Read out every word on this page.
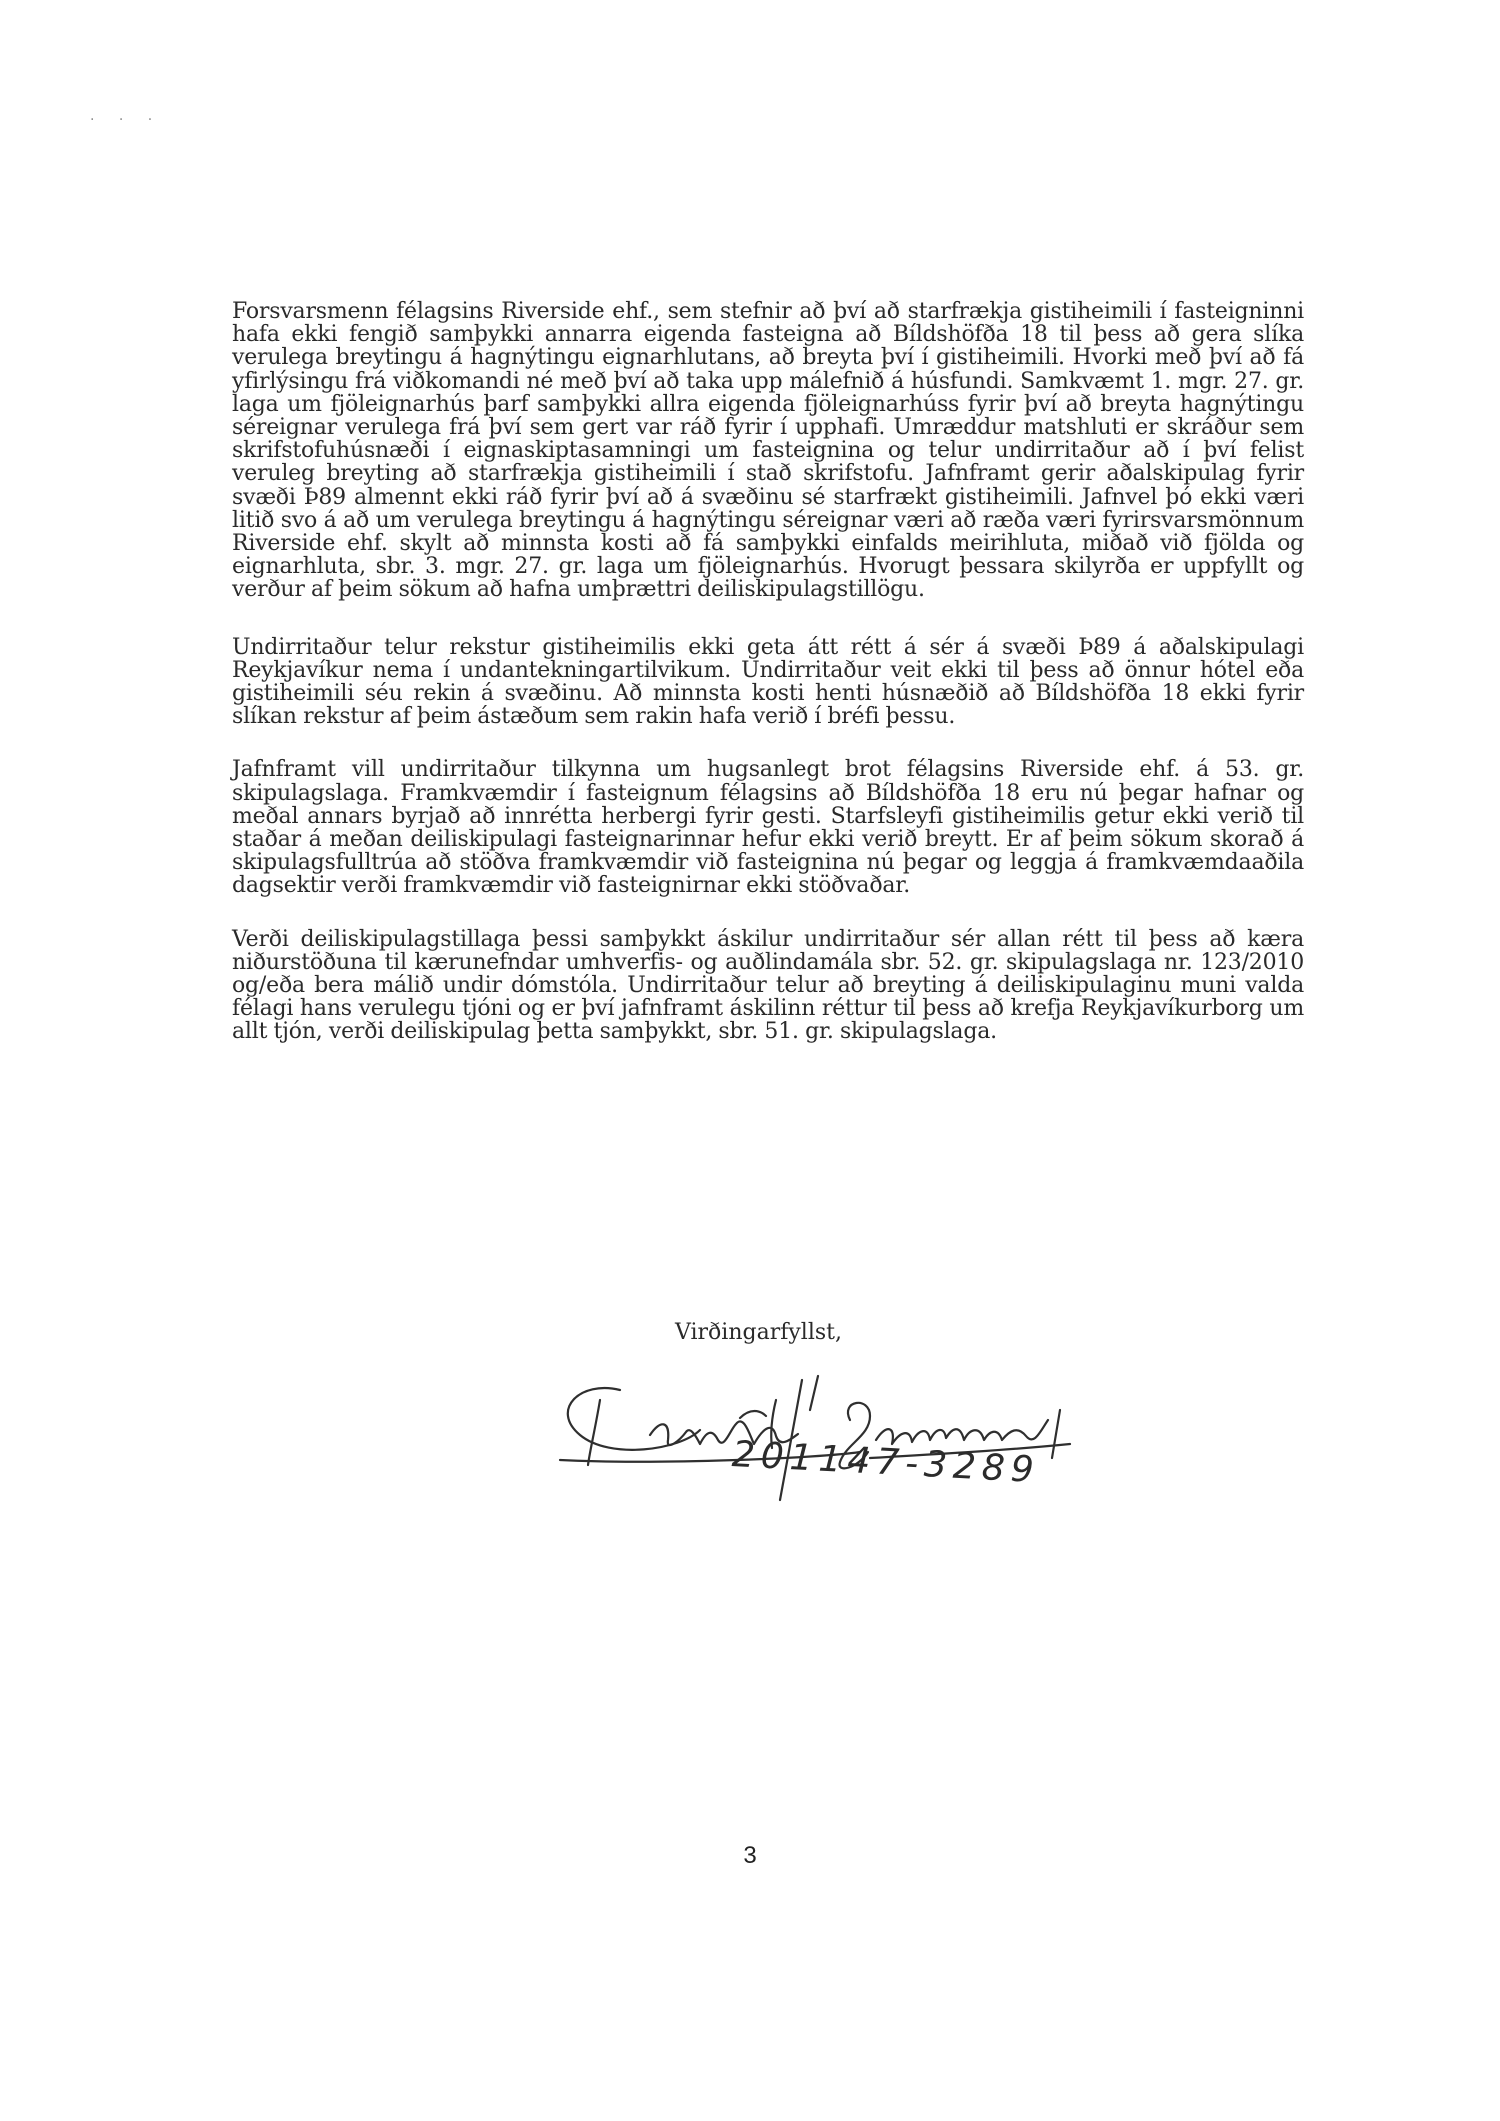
. . .

Forsvarsmenn félagsins Riverside ehf., sem stefnir að því að starfrækja gistiheimili í fasteigninni hafa ekki fengið samþykki annarra eigenda fasteigna að Bíldshöfða 18 til þess að gera slíka verulega breytingu á hagnýtingu eignarhlutans, að breyta því í gistiheimili. Hvorki með því að fá yfirlýsingu frá viðkomandi né með því að taka upp málefnið á húsfundi. Samkvæmt 1. mgr. 27. gr. laga um fjöleignarhús þarf samþykki allra eigenda fjöleignarhúss fyrir því að breyta hagnýtingu séreignar verulega frá því sem gert var ráð fyrir í upphafi. Umræddur matshluti er skráður sem skrifstofuhúsnæði í eignaskiptasamningi um fasteignina og telur undirritaður að í því felist veruleg breyting að starfrækja gistiheimili í stað skrifstofu. Jafnframt gerir aðalskipulag fyrir svæði Þ89 almennt ekki ráð fyrir því að á svæðinu sé starfrækt gistiheimili. Jafnvel þó ekki væri litið svo á að um verulega breytingu á hagnýtingu séreignar væri að ræða væri fyrirsvarsmönnum Riverside ehf. skylt að minnsta kosti að fá samþykki einfalds meirihluta, miðað við fjölda og eignarhluta, sbr. 3. mgr. 27. gr. laga um fjöleignarhús. Hvorugt þessara skilyrða er uppfyllt og verður af þeim sökum að hafna umþrættri deiliskipulagstillögu.

Undirritaður telur rekstur gistiheimilis ekki geta átt rétt á sér á svæði Þ89 á aðalskipulagi Reykjavíkur nema í undantekningartilvikum. Undirritaður veit ekki til þess að önnur hótel eða gistiheimili séu rekin á svæðinu. Að minnsta kosti henti húsnæðið að Bíldshöfða 18 ekki fyrir slíkan rekstur af þeim ástæðum sem rakin hafa verið í bréfi þessu.

Jafnframt vill undirritaður tilkynna um hugsanlegt brot félagsins Riverside ehf. á 53. gr. skipulagslaga. Framkvæmdir í fasteignum félagsins að Bíldshöfða 18 eru nú þegar hafnar og meðal annars byrjað að innrétta herbergi fyrir gesti. Starfsleyfi gistiheimilis getur ekki verið til staðar á meðan deiliskipulagi fasteignarinnar hefur ekki verið breytt. Er af þeim sökum skorað á skipulagsfulltrúa að stöðva framkvæmdir við fasteignina nú þegar og leggja á framkvæmdaaðila dagsektir verði framkvæmdir við fasteignirnar ekki stöðvaðar.

Verði deiliskipulagstillaga þessi samþykkt áskilur undirritaður sér allan rétt til þess að kæra niðurstöðuna til kærunefndar umhverfis- og auðlindamála sbr. 52. gr. skipulagslaga nr. 123/2010 og/eða bera málið undir dómstóla. Undirritaður telur að breyting á deiliskipulaginu muni valda félagi hans verulegu tjóni og er því jafnframt áskilinn réttur til þess að krefja Reykjavíkurborg um allt tjón, verði deiliskipulag þetta samþykkt, sbr. 51. gr. skipulagslaga.

Virðingarfyllst,
201147-3289
3
